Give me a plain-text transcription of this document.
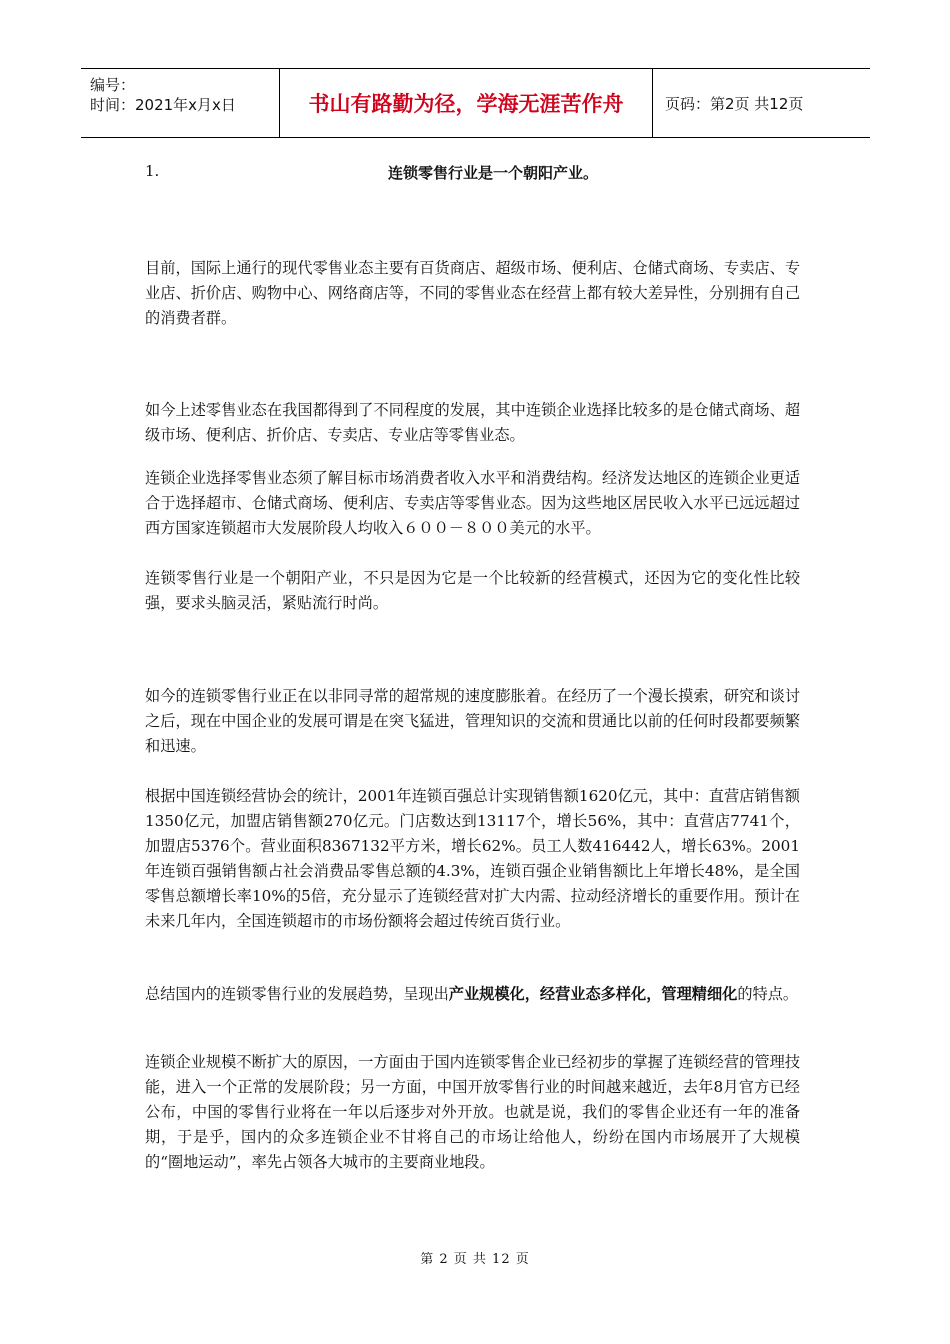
编号：
时间：2021年x月x日	书山有路勤为径，学海无涯苦作舟	页码：第2页 共12页
1.	连锁零售行业是一个朝阳产业。

目前，国际上通行的现代零售业态主要有百货商店、超级市场、便利店、仓储式商场、专卖店、专业店、折价店、购物中心、网络商店等，不同的零售业态在经营上都有较大差异性，分别拥有自己的消费者群。

如今上述零售业态在我国都得到了不同程度的发展，其中连锁企业选择比较多的是仓储式商场、超级市场、便利店、折价店、专卖店、专业店等零售业态。

连锁企业选择零售业态须了解目标市场消费者收入水平和消费结构。经济发达地区的连锁企业更适合于选择超市、仓储式商场、便利店、专卖店等零售业态。因为这些地区居民收入水平已远远超过西方国家连锁超市大发展阶段人均收入６００－８００美元的水平。

连锁零售行业是一个朝阳产业，不只是因为它是一个比较新的经营模式，还因为它的变化性比较强，要求头脑灵活，紧贴流行时尚。

如今的连锁零售行业正在以非同寻常的超常规的速度膨胀着。在经历了一个漫长摸索，研究和谈讨之后，现在中国企业的发展可谓是在突飞猛进，管理知识的交流和贯通比以前的任何时段都要频繁和迅速。

根据中国连锁经营协会的统计，2001年连锁百强总计实现销售额1620亿元，其中：直营店销售额1350亿元，加盟店销售额270亿元。门店数达到13117个，增长56%，其中：直营店7741个，加盟店5376个。营业面积8367132平方米，增长62%。员工人数416442人，增长63%。2001年连锁百强销售额占社会消费品零售总额的4.3%，连锁百强企业销售额比上年增长48%，是全国零售总额增长率10%的5倍，充分显示了连锁经营对扩大内需、拉动经济增长的重要作用。预计在未来几年内，全国连锁超市的市场份额将会超过传统百货行业。

总结国内的连锁零售行业的发展趋势，呈现出产业规模化，经营业态多样化，管理精细化的特点。

连锁企业规模不断扩大的原因，一方面由于国内连锁零售企业已经初步的掌握了连锁经营的管理技能，进入一个正常的发展阶段；另一方面，中国开放零售行业的时间越来越近，去年8月官方已经公布，中国的零售行业将在一年以后逐步对外开放。也就是说，我们的零售企业还有一年的准备期，于是乎，国内的众多连锁企业不甘将自己的市场让给他人，纷纷在国内市场展开了大规模的“圈地运动”，率先占领各大城市的主要商业地段。

第 2 页 共 12 页
